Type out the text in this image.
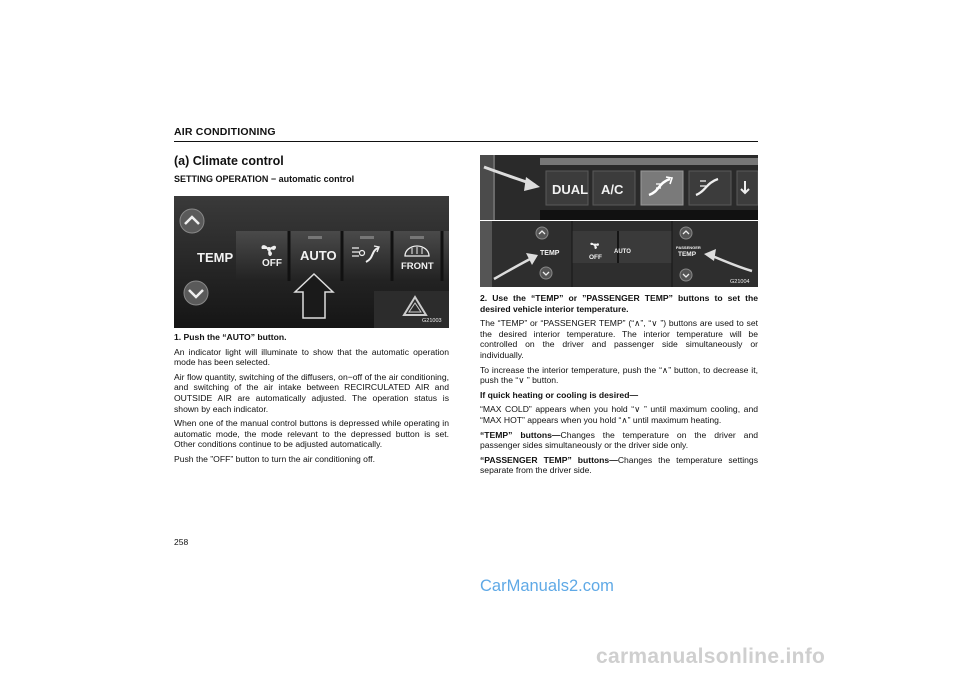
AIR CONDITIONING
(a) Climate control
SETTING OPERATION − automatic control
TEMP	OFF
AUTO
FRONT
G21003
DUAL A/C
TEMP
OFF
AUTO
PASSENGER
TEMP
G21004

1. Push the “AUTO” button.

An indicator light will illuminate to show that the automatic operation mode has been selected.

Air flow quantity, switching of the diffusers, on−off of the air conditioning, and switching of the air intake between RECIRCULATED AIR and OUTSIDE AIR are automatically adjusted. The operation status is shown by each indicator.

When one of the manual control buttons is depressed while operating in automatic mode, the mode relevant to the depressed button is set. Other conditions continue to be adjusted automatically.

Push the ”OFF” button to turn the air conditioning off.

2. Use the “TEMP” or ”PASSENGER TEMP” buttons to set the desired vehicle interior temperature.

The “TEMP” or “PASSENGER TEMP” (“∧”, “∨ ”) buttons are used to set the desired interior temperature. The interior temperature will be controlled on the driver and passenger side simultaneously or individually.

To increase the interior temperature, push the “∧” button, to decrease it, push the “∨ ” button.

If quick heating or cooling is desired—

“MAX COLD” appears when you hold “∨ ” until maximum cooling, and “MAX HOT” appears when you hold “∧” until maximum heating.

“TEMP” buttons—Changes the temperature on the driver and passenger sides simultaneously or the driver side only.

“PASSENGER TEMP” buttons—Changes the temperature settings separate from the driver side.

258
CarManuals2.com
carmanualsonline.info
